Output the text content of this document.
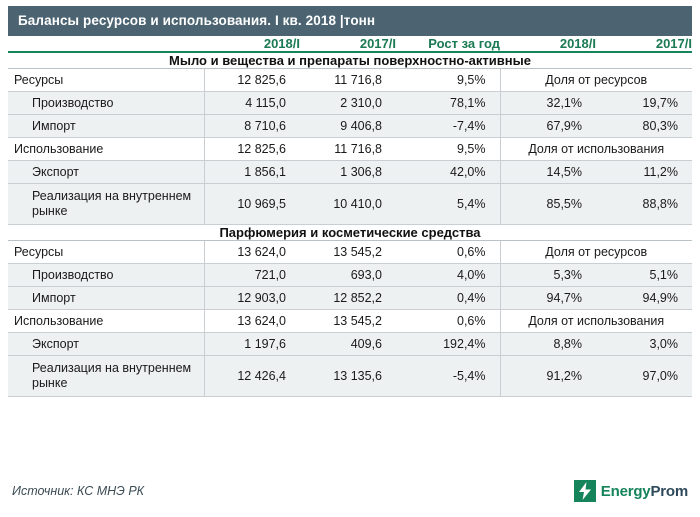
Балансы ресурсов и использования. I кв. 2018 |тонн
	2018/I	2017/I	Рост за год	2018/I	2017/I
Мыло и вещества и препараты поверхностно-активные					
Ресурсы	12 825,6	11 716,8	9,5%	Доля от ресурсов	
Производство	4 115,0	2 310,0	78,1%	32,1%	19,7%
Импорт	8 710,6	9 406,8	-7,4%	67,9%	80,3%
Использование	12 825,6	11 716,8	9,5%	Доля от использования	
Экспорт	1 856,1	1 306,8	42,0%	14,5%	11,2%
Реализация на внутреннем рынке	10 969,5	10 410,0	5,4%	85,5%	88,8%
Парфюмерия и косметические средства					
Ресурсы	13 624,0	13 545,2	0,6%	Доля от ресурсов	
Производство	721,0	693,0	4,0%	5,3%	5,1%
Импорт	12 903,0	12 852,2	0,4%	94,7%	94,9%
Использование	13 624,0	13 545,2	0,6%	Доля от использования	
Экспорт	1 197,6	409,6	192,4%	8,8%	3,0%
Реализация на внутреннем рынке	12 426,4	13 135,6	-5,4%	91,2%	97,0%
Источник: КС МНЭ РК	EnergyProm
